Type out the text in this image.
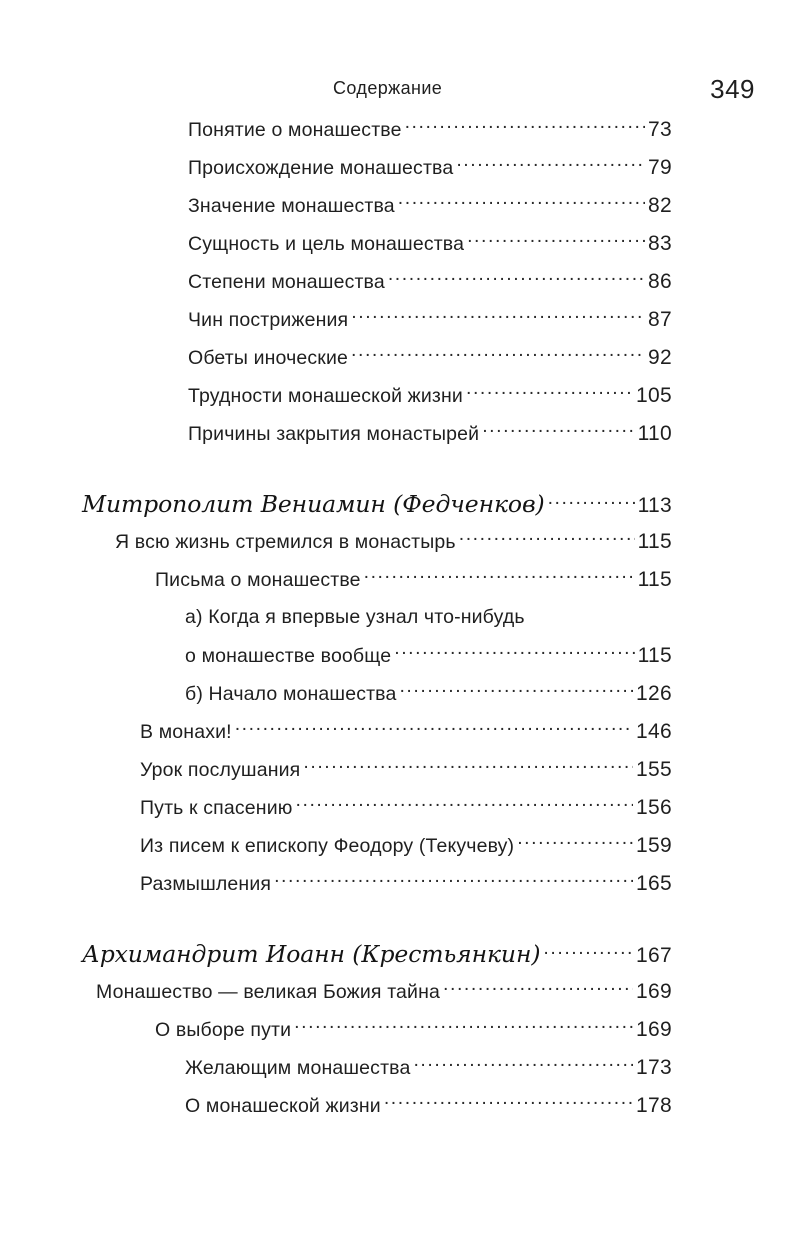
Содержание	349
Понятие о монашестве .....	73
Происхождение монашества .....	79
Значение монашества .....	82
Сущность и цель монашества .....	83
Степени монашества .....	86
Чин пострижения .....	87
Обеты иноческие .....	92
Трудности монашеской жизни .....	105
Причины закрытия монастырей .....	110
Митрополит Вениамин (Федченков) .....	113
Я всю жизнь стремился в монастырь .....	115
Письма о монашестве .....	115
а) Когда я впервые узнал что-нибудь
о монашестве вообще .....	115
б) Начало монашества .....	126
В монахи! .....	146
Урок послушания .....	155
Путь к спасению .....	156
Из писем к епископу Феодору (Текучеву) .....	159
Размышления .....	165
Архимандрит Иоанн (Крестьянкин) .....	167
Монашество — великая Божия тайна .....	169
О выборе пути .....	169
Желающим монашества .....	173
О монашеской жизни .....	178
